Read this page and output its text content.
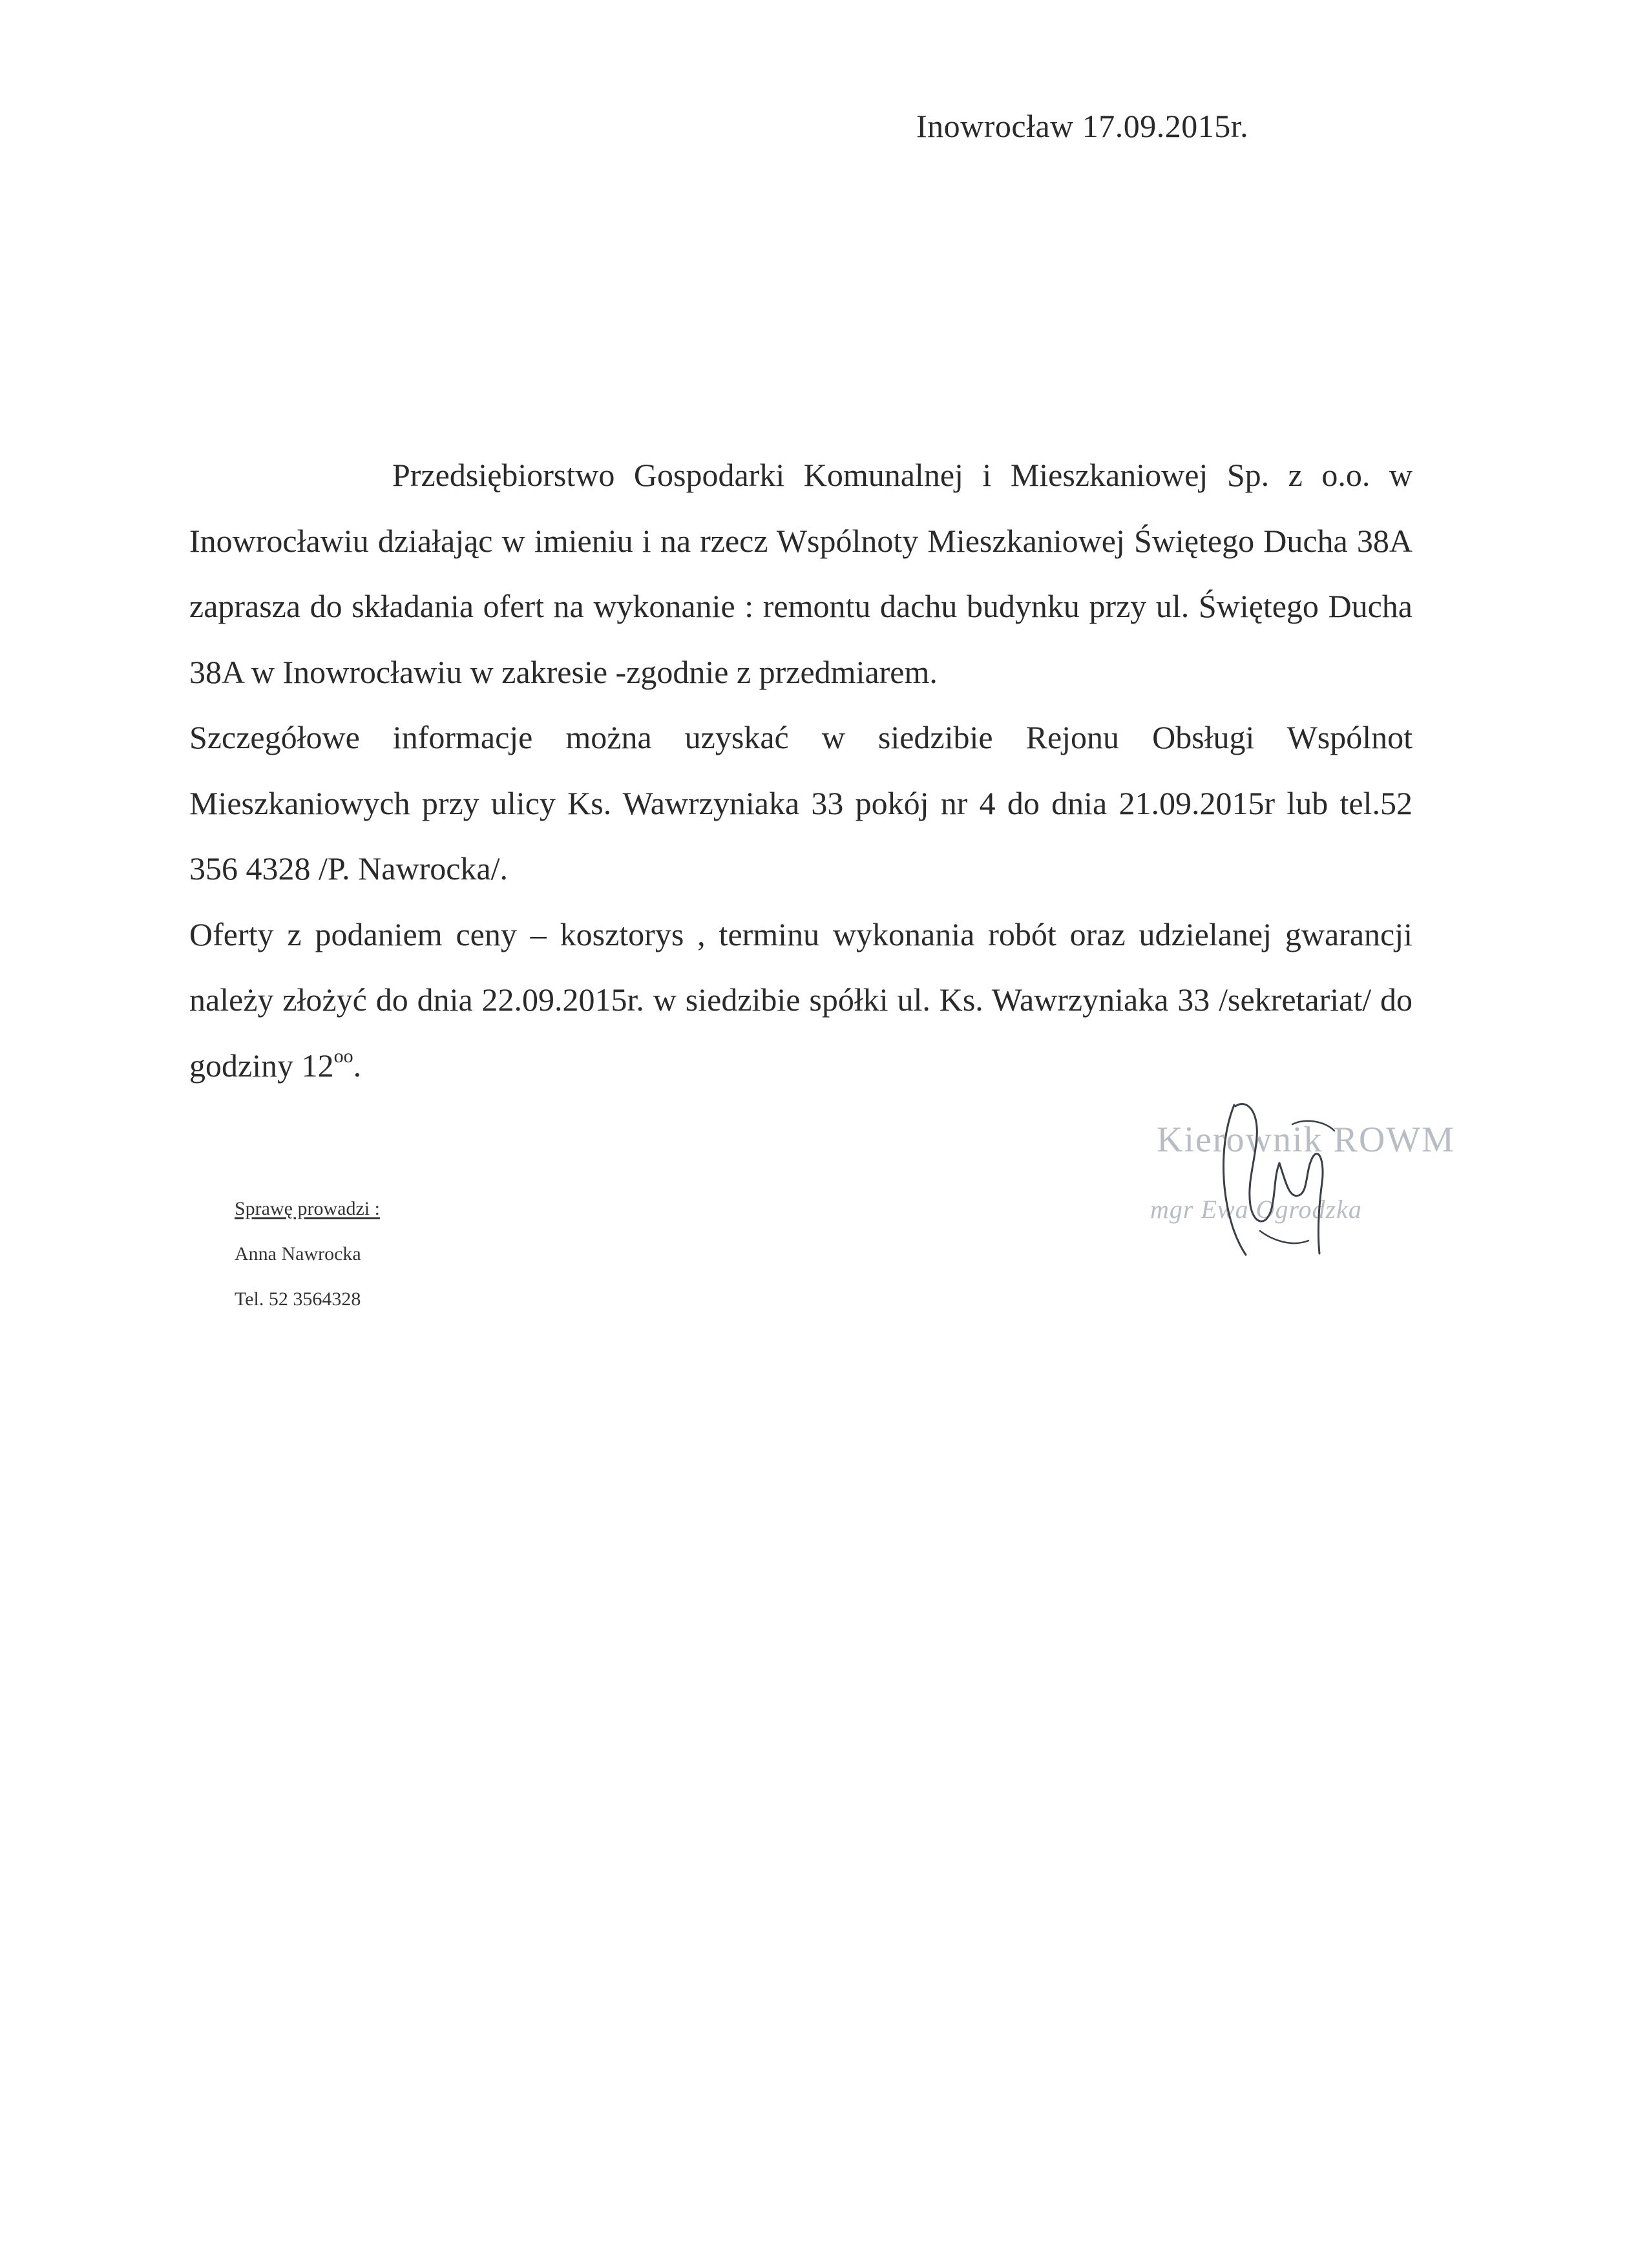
Inowrocław 17.09.2015r.

Przedsiębiorstwo Gospodarki Komunalnej i Mieszkaniowej Sp. z o.o. w Inowrocławiu działając w imieniu i na rzecz Wspólnoty Mieszkaniowej Świętego Ducha 38A zaprasza do składania ofert na wykonanie : remontu dachu budynku przy ul. Świętego Ducha 38A w Inowrocławiu w zakresie -zgodnie z przedmiarem.

Szczegółowe informacje można uzyskać w siedzibie Rejonu Obsługi Wspólnot Mieszkaniowych przy ulicy Ks. Wawrzyniaka 33 pokój nr 4 do dnia 21.09.2015r lub tel.52 356 4328 /P. Nawrocka/.

Oferty z podaniem ceny – kosztorys , terminu wykonania robót oraz udzielanej gwarancji należy złożyć do dnia 22.09.2015r. w siedzibie spółki ul. Ks. Wawrzyniaka 33 /sekretariat/ do godziny $12^{oo}$.

Kierownik ROWM
mgr Ewa Ogrodzka
Sprawę prowadzi :
Anna Nawrocka
Tel. 52 3564328
